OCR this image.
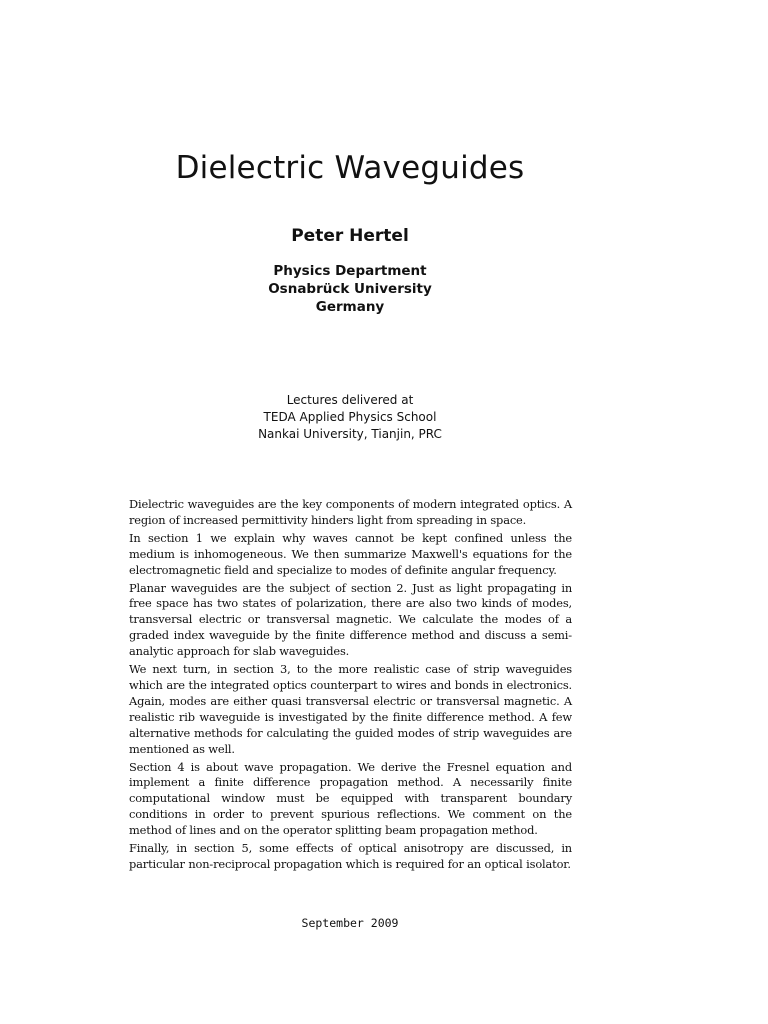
Dielectric Waveguides
Peter Hertel
Physics Department
Osnabrück University
Germany
Lectures delivered at
TEDA Applied Physics School
Nankai University, Tianjin, PRC

Dielectric waveguides are the key components of modern integrated optics. A region of increased permittivity hinders light from spreading in space.

In section 1 we explain why waves cannot be kept confined unless the medium is inhomogeneous. We then summarize Maxwell's equations for the electromagnetic field and specialize to modes of definite angular frequency.

Planar waveguides are the subject of section 2. Just as light propagating in free space has two states of polarization, there are also two kinds of modes, transversal electric or transversal magnetic. We calculate the modes of a graded index waveguide by the finite difference method and discuss a semi-analytic approach for slab waveguides.

We next turn, in section 3, to the more realistic case of strip waveguides which are the integrated optics counterpart to wires and bonds in electronics. Again, modes are either quasi transversal electric or transversal magnetic. A realistic rib waveguide is investigated by the finite difference method. A few alternative methods for calculating the guided modes of strip waveguides are mentioned as well.

Section 4 is about wave propagation. We derive the Fresnel equation and implement a finite difference propagation method. A necessarily finite computational window must be equipped with transparent boundary conditions in order to prevent spurious reflections. We comment on the method of lines and on the operator splitting beam propagation method.

Finally, in section 5, some effects of optical anisotropy are discussed, in particular non-reciprocal propagation which is required for an optical isolator.

September 2009
